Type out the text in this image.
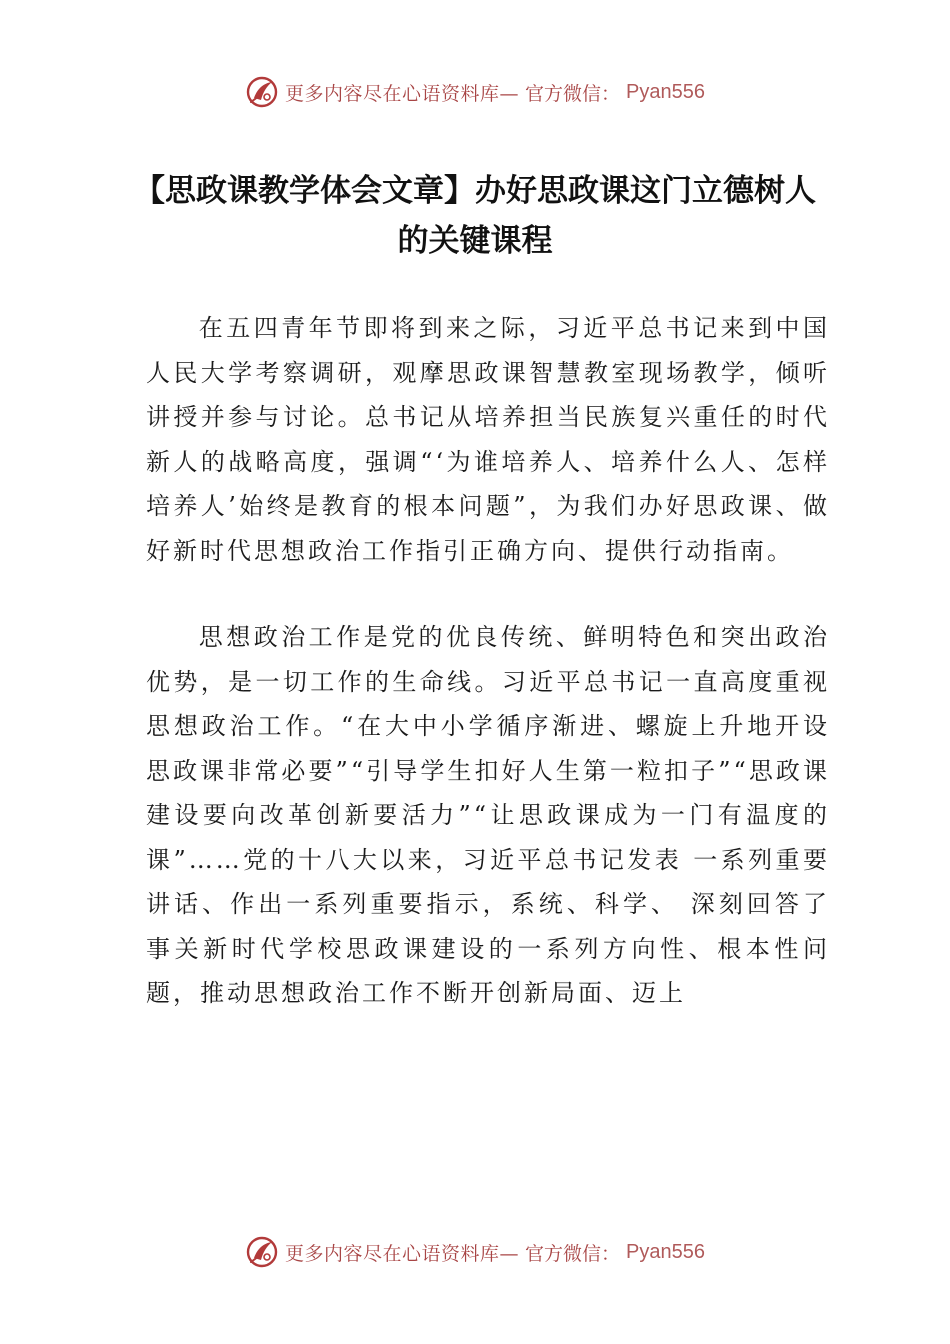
更多内容尽在心语资料库— 官方微信： Pyan556
【思政课教学体会文章】办好思政课这门立德树人的关键课程

在五四青年节即将到来之际，习近平总书记来到中国人民大学考察调研，观摩思政课智慧教室现场教学，倾听讲授并参与讨论。总书记从培养担当民族复兴重任的时代新人的战略高度，强调“‘为谁培养人、培养什么人、怎样培养人’始终是教育的根本问题”，为我们办好思政课、做好新时代思想政治工作指引正确方向、提供行动指南。

思想政治工作是党的优良传统、鲜明特色和突出政治优势，是一切工作的生命线。习近平总书记一直高度重视思想政治工作。“在大中小学循序渐进、螺旋上升地开设思政课非常必要”“引导学生扣好人生第一粒扣子”“思政课建设要向改革创新要活力”“让思政课成为一门有温度的课”……党的十八大以来，习近平总书记发表 一系列重要讲话、作出一系列重要指示，系统、科学、 深刻回答了事关新时代学校思政课建设的一系列方向性、根本性问题，推动思想政治工作不断开创新局面、迈上

更多内容尽在心语资料库— 官方微信： Pyan556
